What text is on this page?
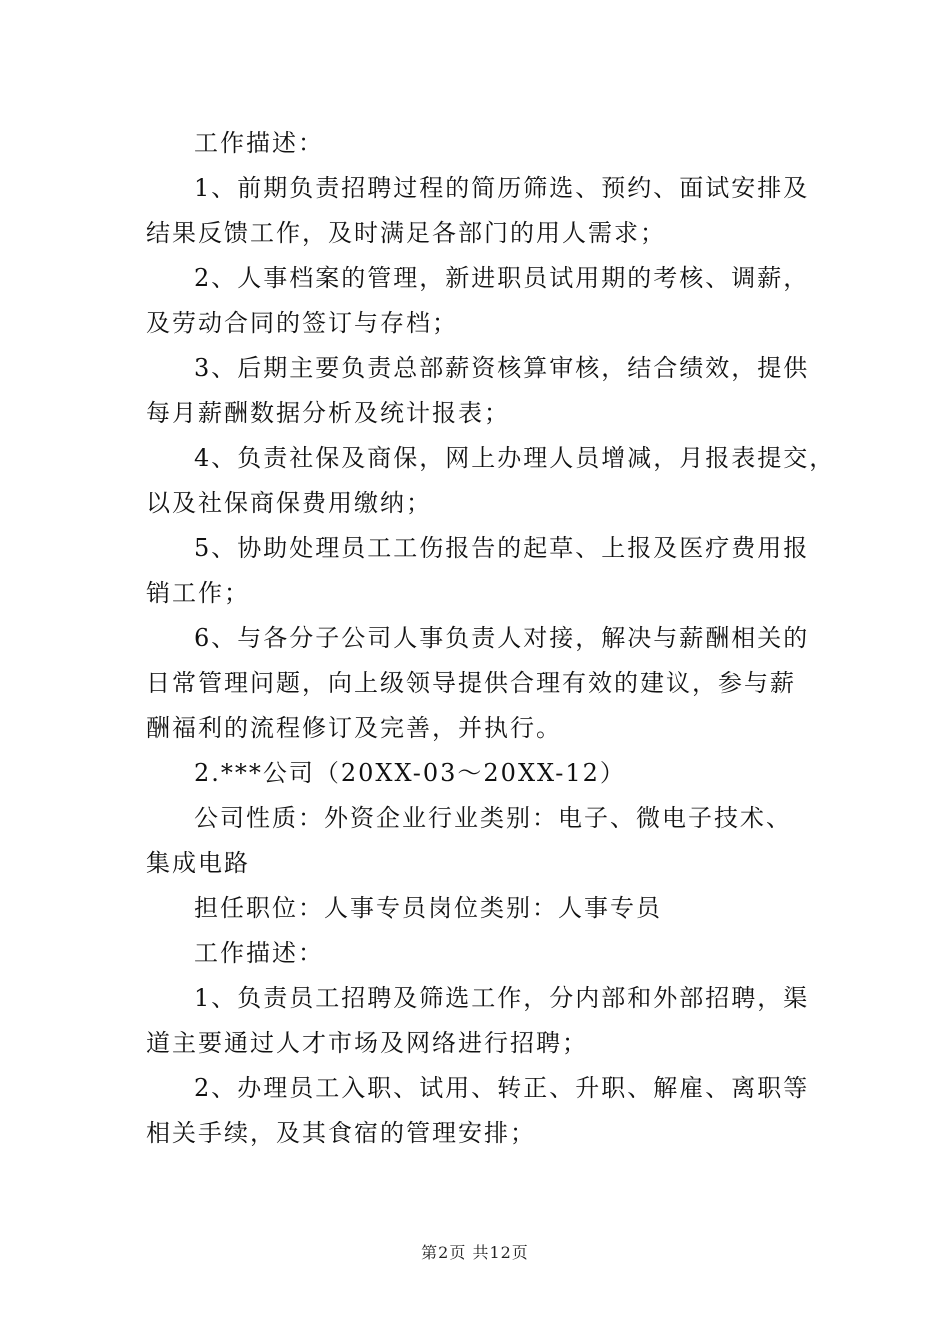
工作描述：
1、前期负责招聘过程的简历筛选、预约、面试安排及
结果反馈工作，及时满足各部门的用人需求；
2、人事档案的管理，新进职员试用期的考核、调薪，
及劳动合同的签订与存档；
3、后期主要负责总部薪资核算审核，结合绩效，提供
每月薪酬数据分析及统计报表；
4、负责社保及商保，网上办理人员增减，月报表提交，
以及社保商保费用缴纳；
5、协助处理员工工伤报告的起草、上报及医疗费用报
销工作；
6、与各分子公司人事负责人对接，解决与薪酬相关的
日常管理问题，向上级领导提供合理有效的建议，参与薪
酬福利的流程修订及完善，并执行。
2.***公司（20XX-03～20XX-12）
公司性质：外资企业行业类别：电子、微电子技术、
集成电路
担任职位：人事专员岗位类别：人事专员
工作描述：
1、负责员工招聘及筛选工作，分内部和外部招聘，渠
道主要通过人才市场及网络进行招聘；
2、办理员工入职、试用、转正、升职、解雇、离职等
相关手续，及其食宿的管理安排；
第2页 共12页
